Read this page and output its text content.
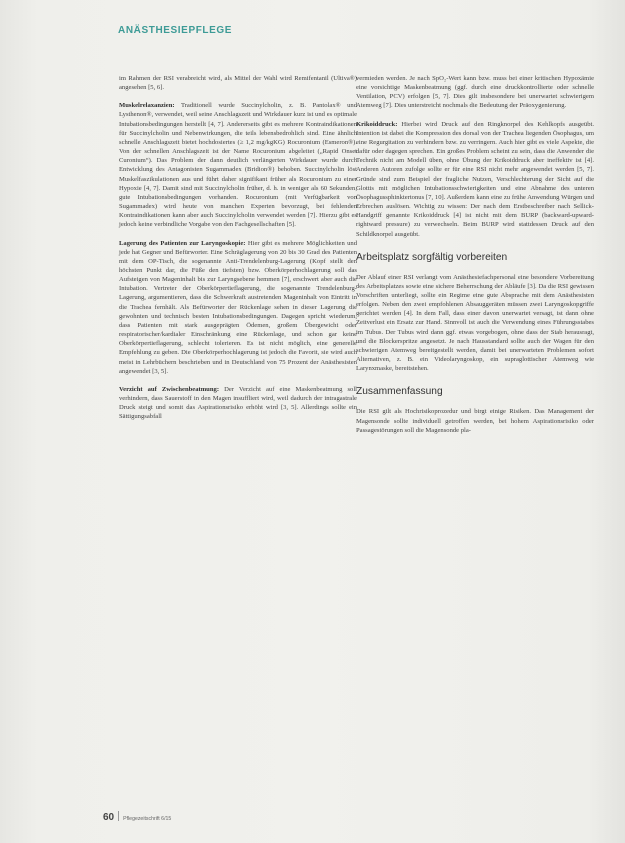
ANÄSTHESIEPFLEGE

im Rahmen der RSI verabreicht wird, als Mittel der Wahl wird Remifentanil (Ultiva®) angesehen [5, 6].

Muskelrelaxanzien: Traditionell wurde Succinylcholin, z. B. Pantolax® und Lysthenon®, verwendet, weil seine Anschlagszeit und Wirkdauer kurz ist und es optimale Intubationsbedingungen herstellt [4, 7]. Andererseits gibt es mehrere Kontraindikationen für Succinylcholin und Nebenwirkungen, die teils lebensbedrohlich sind. Eine ähnlich schnelle Anschlagszeit bietet hochdosiertes (≥ 1,2 mg/kgKG) Rocuronium (Esmeron®). Von der schnellen Anschlagszeit ist der Name Rocuronium abgeleitet („Rapid Onset Curonium“). Das Problem der dann deutlich verlängerten Wirkdauer wurde durch Entwicklung des Antagonisten Sugammadex (Bridion®) behoben. Succinylcholin löst Muskelfaszikulationen aus und führt daher signifikant früher als Rocuronium zu einer Hypoxie [4, 7]. Damit sind mit Succinylcholin früher, d. h. in weniger als 60 Sekunden, gute Intubationsbedingungen vorhanden. Rocuronium (mit Verfügbarkeit von Sugammadex) wird heute von manchen Experten bevorzugt, bei fehlenden Kontraindikationen kann aber auch Succinylcholin verwendet werden [7]. Hierzu gibt es jedoch keine verbindliche Vorgabe von den Fachgesellschaften [5].

Lagerung des Patienten zur Laryngoskopie: Hier gibt es mehrere Möglichkeiten und jede hat Gegner und Befürworter. Eine Schräglagerung von 20 bis 30 Grad des Patienten mit dem OP-Tisch, die sogenannte Anti-Trendelenburg-Lagerung (Kopf stellt den höchsten Punkt dar, die Füße den tiefsten) bzw. Oberkörperhochlagerung soll das Aufsteigen von Mageninhalt bis zur Laryngsebene hemmen [7], erschwert aber auch die Intubation. Vertreter der Oberkörpertieflagerung, die sogenannte Trendelenburg-Lagerung, argumentieren, dass die Schwerkraft austretenden Mageninhalt von Eintritt in die Trachea fernhält. Als Befürworter der Rückenlage sehen in dieser Lagerung die gewohnten und technisch besten Intubationsbedingungen. Dagegen spricht wiederum, dass Patienten mit stark ausgeprägten Ödemen, großem Übergewicht oder respiratorischer/kardialer Einschränkung eine Rückenlage, und schon gar keine Oberkörpertieflagerung, schlecht tolerieren. Es ist nicht möglich, eine generelle Empfehlung zu geben. Die Oberkörperhochlagerung ist jedoch die Favorit, sie wird auch meist in Lehrbüchern beschrieben und in Deutschland von 75 Prozent der Anästhesisten angewendet [3, 5].

Verzicht auf Zwischenbeatmung: Der Verzicht auf eine Maskenbeatmung soll verhindern, dass Sauerstoff in den Magen insuffliert wird, weil dadurch der intragastrale Druck steigt und somit das Aspirationsrisiko erhöht wird [3, 5]. Allerdings sollte ein Sättigungsabfall

vermieden werden. Je nach SpO₂-Wert kann bzw. muss bei einer kritischen Hypoxämie eine vorsichtige Maskenbeatmung (ggf. durch eine druckkontrollierte oder schnelle Ventilation, PCV) erfolgen [5, 7]. Dies gilt insbesondere bei unerwartet schwierigem Atemweg [7]. Dies unterstreicht nochmals die Bedeutung der Präoxygenierung.

Krikoiddruck: Hierbei wird Druck auf den Ringknorpel des Kehlkopfs ausgeübt. Intention ist dabei die Kompression des dorsal von der Trachea liegenden Ösophagus, um eine Regurgitation zu verhindern bzw. zu verringern. Auch hier gibt es viele Aspekte, die dafür oder dagegen sprechen. Ein großes Problem scheint zu sein, dass die Anwender die Technik nicht am Modell üben, ohne Übung der Krikoiddruck aber ineffektiv ist [4]. Anderen Autoren zufolge sollte er für eine RSI nicht mehr angewendet werden [5, 7]. Gründe sind zum Beispiel der fragliche Nutzen, Verschlechterung der Sicht auf die Glottis mit möglichen Intubationsschwierigkeiten und eine Abnahme des unteren Ösophagussphinktertonus [7, 10]. Außerdem kann eine zu frühe Anwendung Würgen und Erbrechen auslösen. Wichtig zu wissen: Der nach dem Erstbeschreiber nach Sellick-Handgriff genannte Krikoiddruck [4] ist nicht mit dem BURP (backward-upward-rightward pressure) zu verwechseln. Beim BURP wird stattdessen Druck auf den Schildknorpel ausgeübt.

Arbeitsplatz sorgfältig vorbereiten

Der Ablauf einer RSI verlangt vom Anästhesiefachpersonal eine besondere Vorbereitung des Arbeitsplatzes sowie eine sichere Beherrschung der Abläufe [3]. Da die RSI gewissen Vorschriften unterliegt, sollte ein Regime eine gute Absprache mit dem Anästhesisten erfolgen. Neben den zwei empfohlenen Absauggeräten müssen zwei Laryngoskopgriffe gerichtet werden [4]. In dem Fall, dass einer davon unerwartet versagt, ist dann ohne Zeitverlust ein Ersatz zur Hand. Sinnvoll ist auch die Verwendung eines Führungsstabes im Tubus. Der Tubus wird dann ggf. etwas vorgebogen, ohne dass der Stab herausragt, und die Blockerspritze angesetzt. Je nach Hausstandard sollte auch der Wagen für den schwierigen Atemweg bereitgestellt werden, damit bei unerwarteten Problemen sofort Alternativen, z. B. ein Videolaryngoskop, ein supraglottischer Atemweg wie Larynxmaske, bereitstehen.

Zusammenfassung

Die RSI gilt als Hochrisikoprozedur und birgt einige Risiken. Das Management der Magensonde sollte individuell getroffen werden, bei hohem Aspirationsrisiko oder Passagestörungen soll die Magensonde pla-

60 Pflegezeitschrift 6/15
